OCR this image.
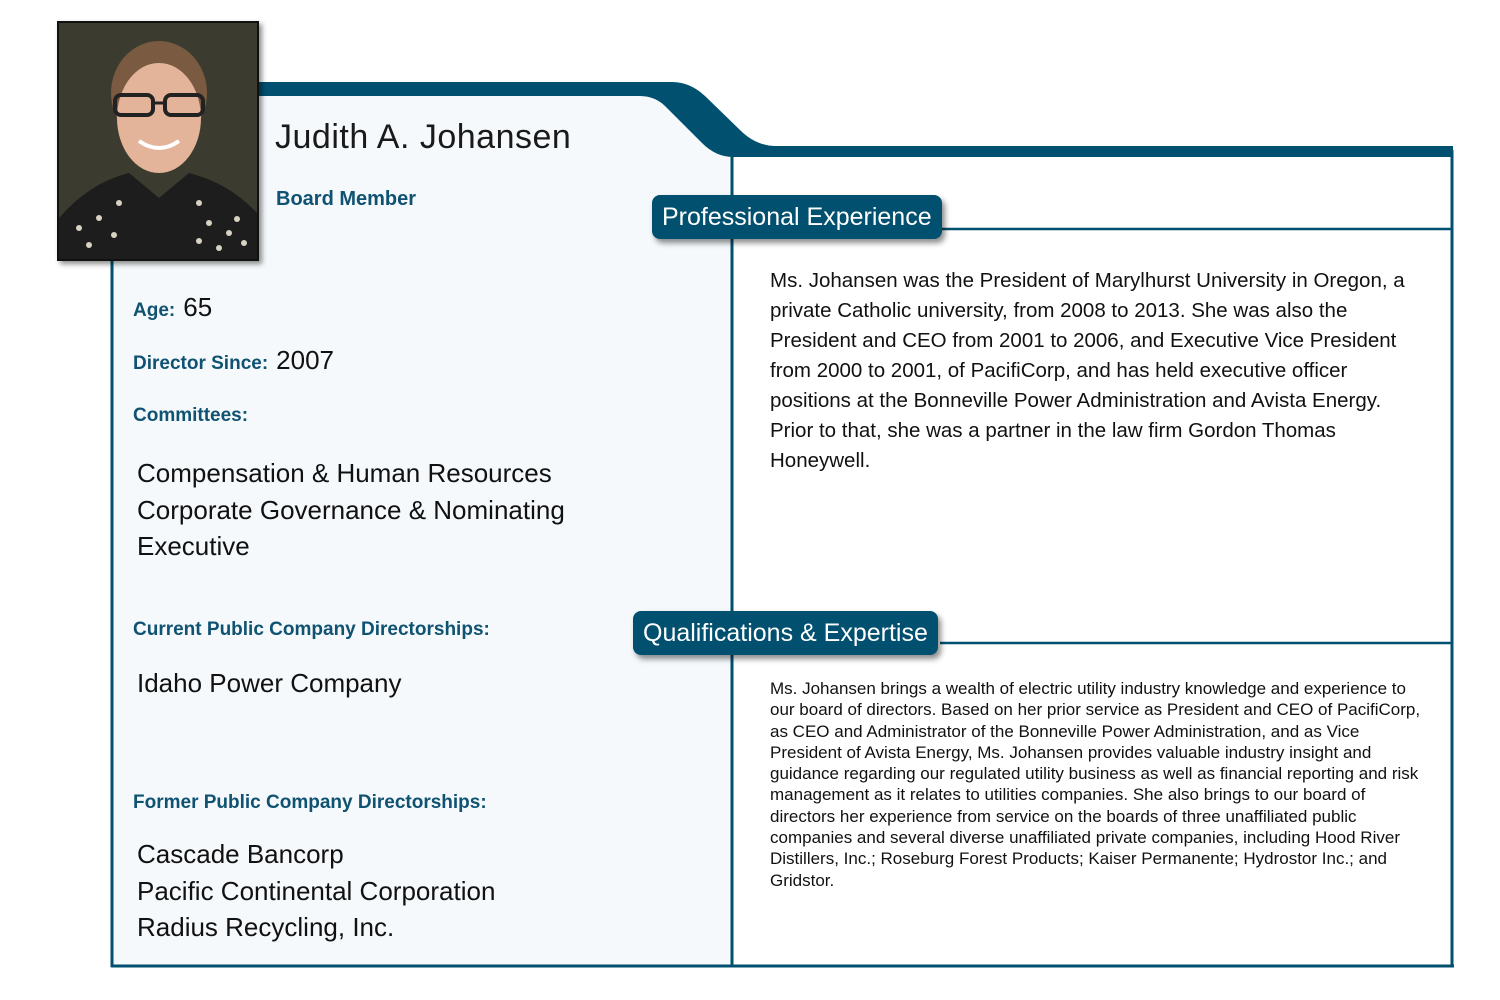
Judith A. Johansen
Board Member
Age: 65
Director Since: 2007
Committees:
Compensation & Human Resources
Corporate Governance & Nominating
Executive
Current Public Company Directorships:
Idaho Power Company
Former Public Company Directorships:
Cascade Bancorp
Pacific Continental Corporation
Radius Recycling, Inc.
Professional Experience
Qualifications & Expertise
Ms. Johansen was the President of Marylhurst University in Oregon, a private Catholic university, from 2008 to 2013. She was also the President and CEO from 2001 to 2006, and Executive Vice President from 2000 to 2001, of PacifiCorp, and has held executive officer positions at the Bonneville Power Administration and Avista Energy. Prior to that, she was a partner in the law firm Gordon Thomas Honeywell.
Ms. Johansen brings a wealth of electric utility industry knowledge and experience to our board of directors. Based on her prior service as President and CEO of PacifiCorp, as CEO and Administrator of the Bonneville Power Administration, and as Vice President of Avista Energy, Ms. Johansen provides valuable industry insight and guidance regarding our regulated utility business as well as financial reporting and risk management as it relates to utilities companies. She also brings to our board of directors her experience from service on the boards of three unaffiliated public companies and several diverse unaffiliated private companies, including Hood River Distillers, Inc.; Roseburg Forest Products; Kaiser Permanente; Hydrostor Inc.; and Gridstor.
